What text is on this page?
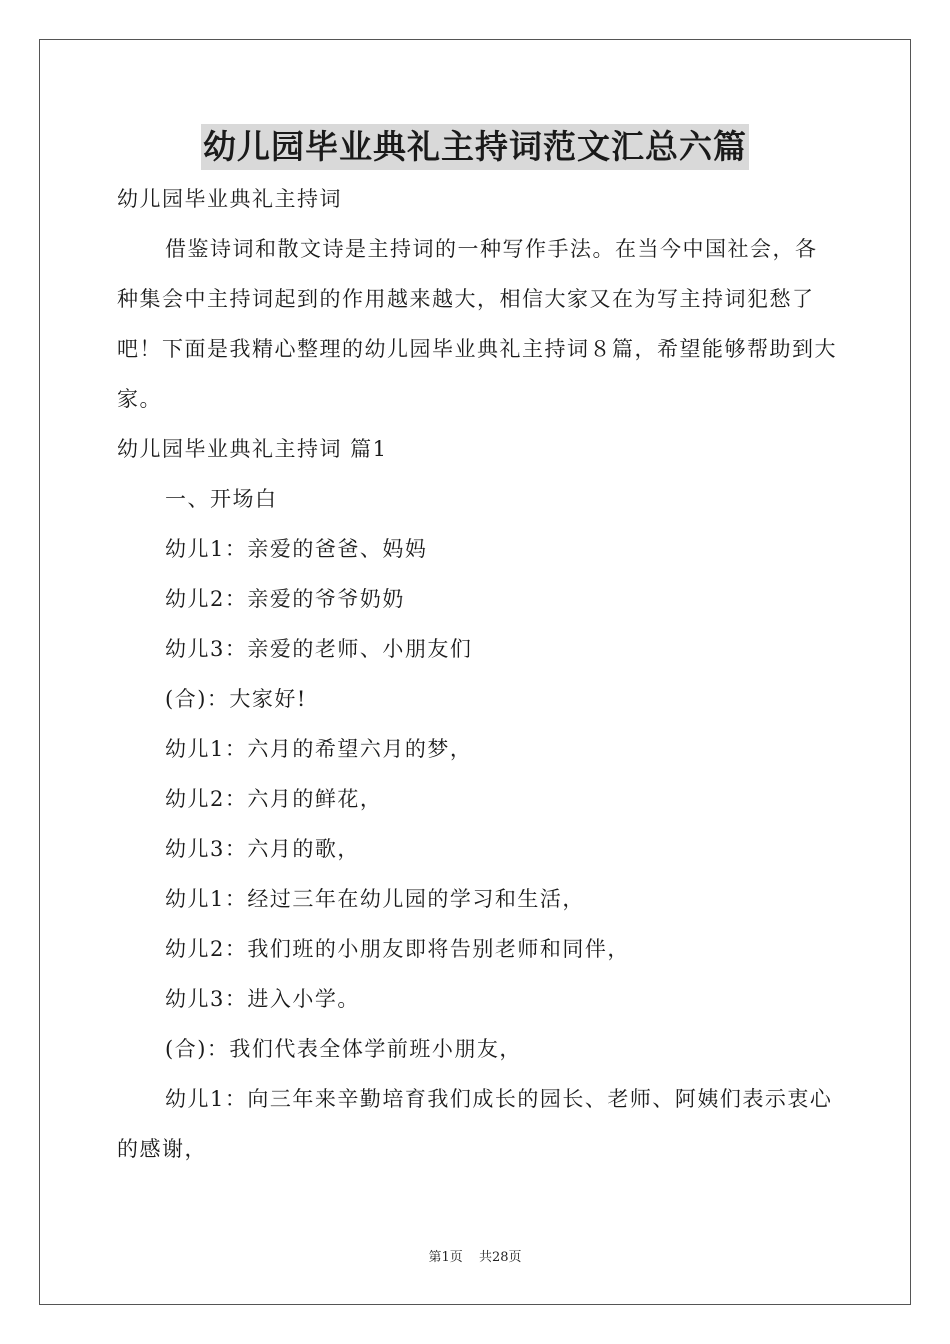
幼儿园毕业典礼主持词范文汇总六篇

幼儿园毕业典礼主持词

借鉴诗词和散文诗是主持词的一种写作手法。在当今中国社会，各种集会中主持词起到的作用越来越大，相信大家又在为写主持词犯愁了吧！下面是我精心整理的幼儿园毕业典礼主持词８篇，希望能够帮助到大家。

幼儿园毕业典礼主持词 篇1

一、开场白

幼儿1：亲爱的爸爸、妈妈

幼儿2：亲爱的爷爷奶奶

幼儿3：亲爱的老师、小朋友们

(合)：大家好!

幼儿1：六月的希望六月的梦，

幼儿2：六月的鲜花，

幼儿3：六月的歌，

幼儿1：经过三年在幼儿园的学习和生活，

幼儿2：我们班的小朋友即将告别老师和同伴，

幼儿3：进入小学。

(合)：我们代表全体学前班小朋友，

幼儿1：向三年来辛勤培育我们成长的园长、老师、阿姨们表示衷心的感谢，

第1页 共28页
